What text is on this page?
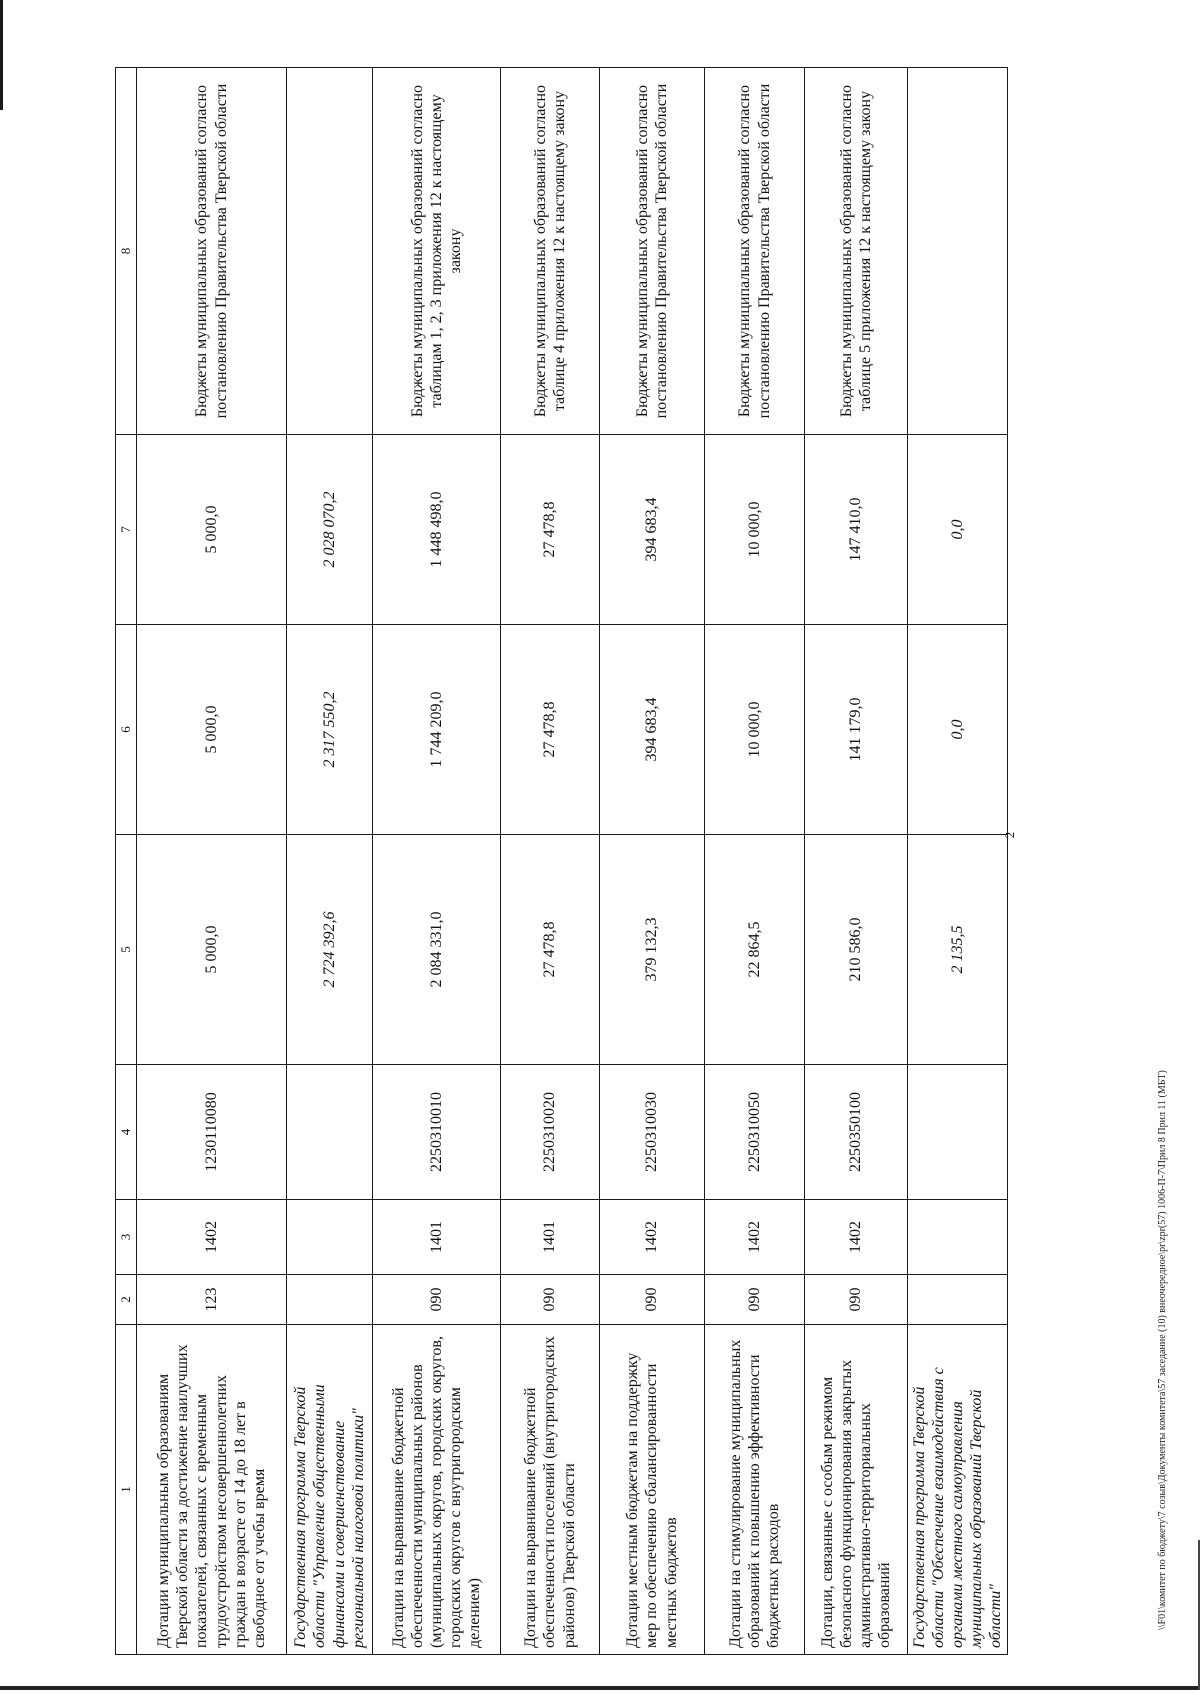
1	2	3	4	5	6	7	8
Дотации муниципальным образованиям Тверской области за достижение наилучших показателей, связанных с временным трудоустройством несовершеннолетних граждан в возрасте от 14 до 18 лет в свободное от учебы время	123	1402	1230110080	5 000,0	5 000,0	5 000,0	Бюджеты муниципальных образований согласно постановлению Правительства Тверской области
Государственная программа Тверской области "Управление общественными финансами и совершенствование региональной налоговой политики"				2 724 392,6	2 317 550,2	2 028 070,2	
Дотации на выравнивание бюджетной обеспеченности муниципальных районов (муниципальных округов, городских округов, городских округов с внутригородским делением)	090	1401	2250310010	2 084 331,0	1 744 209,0	1 448 498,0	Бюджеты муниципальных образований согласно таблицам 1, 2, 3 приложения 12 к настоящему закону
Дотации на выравнивание бюджетной обеспеченности поселений (внутригородских районов) Тверской области	090	1401	2250310020	27 478,8	27 478,8	27 478,8	Бюджеты муниципальных образований согласно таблице 4 приложения 12 к настоящему закону
Дотации местным бюджетам на поддержку мер по обеспечению сбалансированности местных бюджетов	090	1402	2250310030	379 132,3	394 683,4	394 683,4	Бюджеты муниципальных образований согласно постановлению Правительства Тверской области
Дотации на стимулирование муниципальных образований к повышению эффективности бюджетных расходов	090	1402	2250310050	22 864,5	10 000,0	10 000,0	Бюджеты муниципальных образований согласно постановлению Правительства Тверской области
Дотации, связанные с особым режимом безопасного функционирования закрытых административно-территориальных образований	090	1402	2250350100	210 586,0	141 179,0	147 410,0	Бюджеты муниципальных образований согласно таблице 5 приложения 12 к настоящему закону
Государственная программа Тверской области "Обеспечение взаимодействия с органами местного самоуправления муниципальных образований Тверской области"				2 135,5	0,0	0,0	
2
\\F01\комитет по бюджету\7 созыв\Документы комитета\57 заседание (10) внеочередное\pr\zpr(57) 1006-П-7\Прил 8 Прил 11 (МБТ)
